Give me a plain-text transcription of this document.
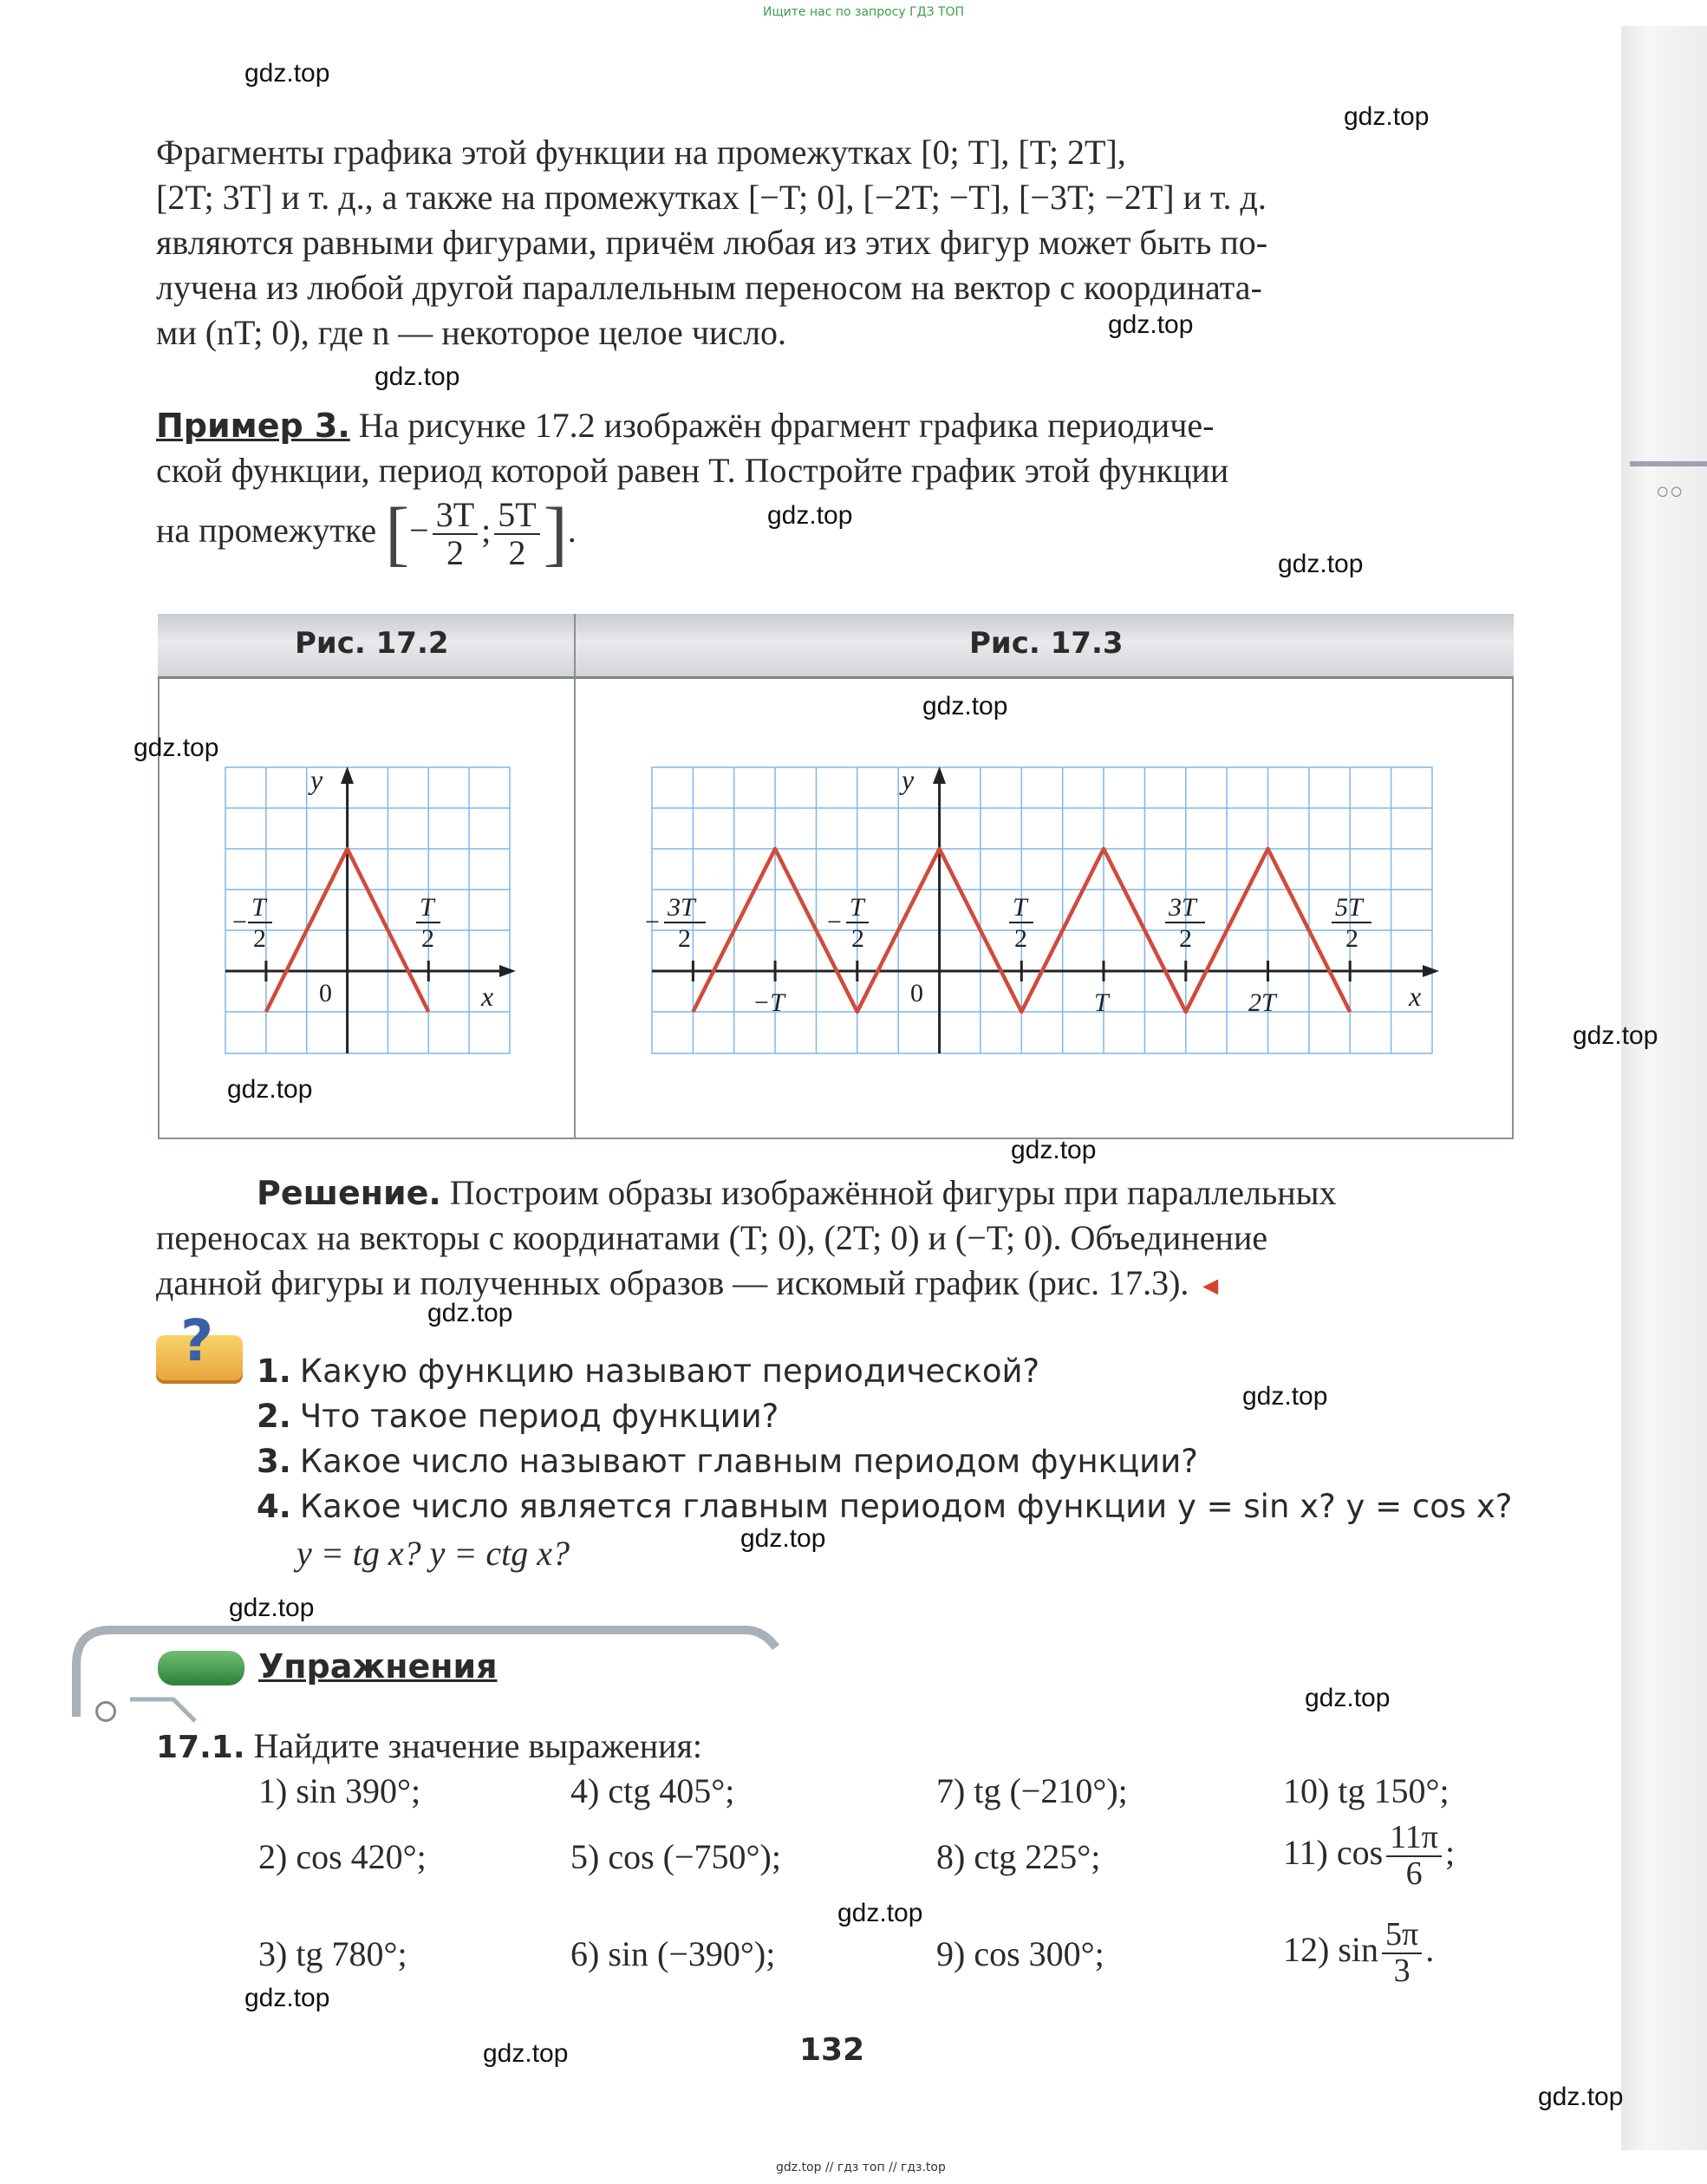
Ищите нас по запросу ГДЗ ТОП
○○
Фрагменты графика этой функции на промежутках [0; T], [T; 2T],
[2T; 3T] и т. д., а также на промежутках [−T; 0], [−2T; −T], [−3T; −2T] и т. д.
являются равными фигурами, причём любая из этих фигур может быть по-
лучена из любой другой параллельным переносом на вектор с координата-
ми (nT; 0), где n — некоторое целое число.
Пример 3. На рисунке 17.2 изображён фрагмент графика периодиче-
ской функции, период которой равен T. Постройте график этой функции
на промежутке [− $\frac{3T}{2}$ ; $\frac{5T}{2}$ ].
Рис. 17.2	Рис. 17.3
y
x
0
−
T
2
T
2
y
x
0
−
3T
2
−
T
2
T
2
3T
2
5T
2
−T	T	2T
Решение. Построим образы изображённой фигуры при параллельных
переносах на векторы с координатами (T; 0), (2T; 0) и (−T; 0). Объединение
данной фигуры и полученных образов — искомый график (рис. 17.3). ◄
? 1. Какую функцию называют периодической?
2. Что такое период функции?
3. Какое число называют главным периодом функции?
4. Какое число является главным периодом функции y = sin x? y = cos x?
y = tg x? y = ctg x?
Упражнения
17.1. Найдите значение выражения:
1) sin 390°;	4) ctg 405°;	7) tg (−210°);	10) tg 150°;
2) cos 420°;	5) cos (−750°);	8) ctg 225°;	11) $\cos \frac{11\pi}{6}$ ;
3) tg 780°;	6) sin (−390°);	9) cos 300°;	12) $\sin \frac{5\pi}{3}$ .
132
gdz.top // гдз топ // гдз.top
gdz.top
gdz.top
gdz.top
gdz.top
gdz.top
gdz.top
gdz.top
gdz.top
gdz.top
gdz.top
gdz.top
gdz.top
gdz.top
gdz.top
gdz.top
gdz.top
gdz.top
gdz.top
gdz.top
gdz.top
